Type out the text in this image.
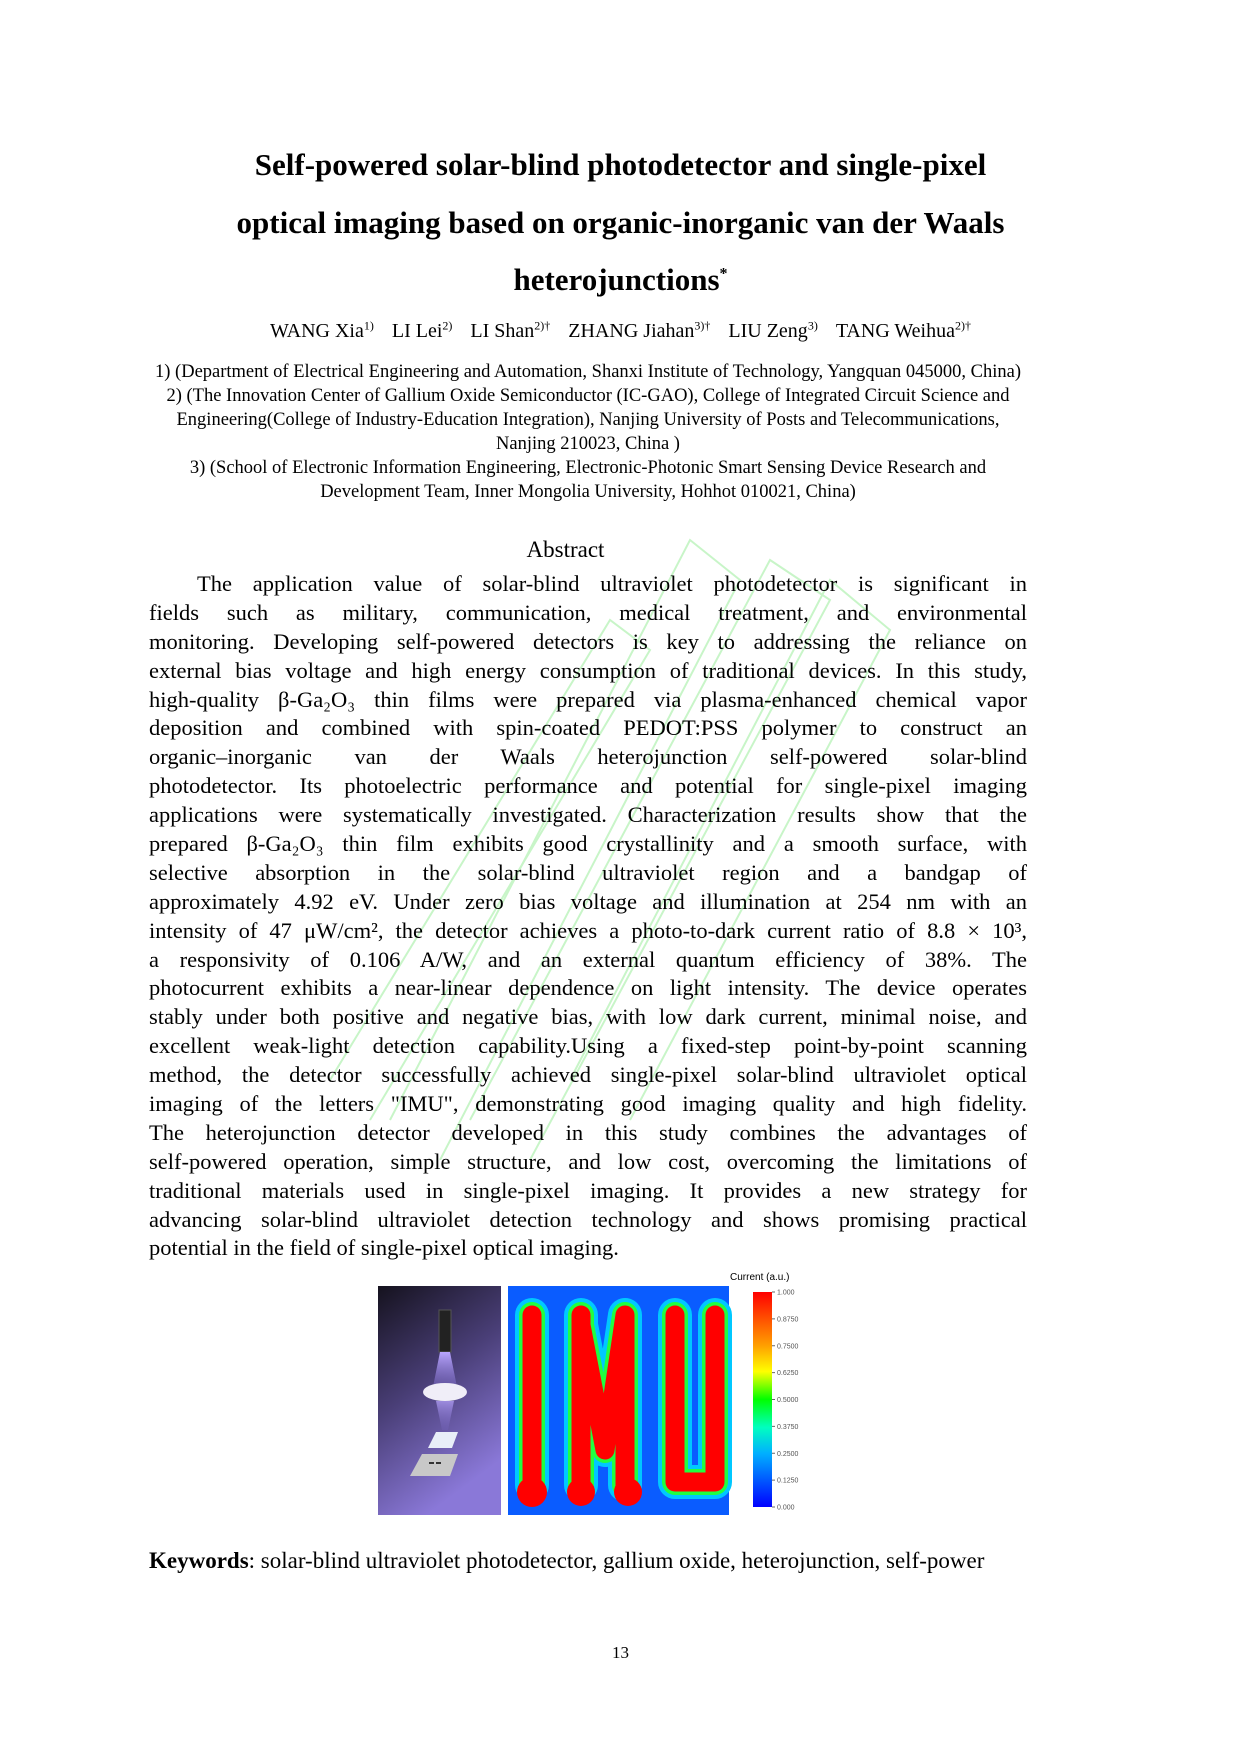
Self-powered solar-blind photodetector and single-pixel
optical imaging based on organic-inorganic van der Waals
heterojunctions*
WANG Xia$^{1)}$ LI Lei$^{2)}$ LI Shan$^{2)\dagger}$ ZHANG Jiahan$^{3)\dagger}$ LIU Zeng$^{3)}$ TANG Weihua$^{2)\dagger}$
1) (Department of Electrical Engineering and Automation, Shanxi Institute of Technology, Yangquan 045000, China)
2) (The Innovation Center of Gallium Oxide Semiconductor (IC-GAO), College of Integrated Circuit Science and Engineering(College of Industry-Education Integration), Nanjing University of Posts and Telecommunications, Nanjing 210023, China )
3) (School of Electronic Information Engineering, Electronic-Photonic Smart Sensing Device Research and Development Team, Inner Mongolia University, Hohhot 010021, China)
Abstract
The application value of solar-blind ultraviolet photodetector is significant in
fields such as military, communication, medical treatment, and environmental
monitoring. Developing self-powered detectors is key to addressing the reliance on
external bias voltage and high energy consumption of traditional devices. In this study,
high-quality β-Ga₂O₃ thin films were prepared via plasma-enhanced chemical vapor
deposition and combined with spin-coated PEDOT:PSS polymer to construct an
organic–inorganic van der Waals heterojunction self-powered solar-blind
photodetector. Its photoelectric performance and potential for single-pixel imaging
applications were systematically investigated. Characterization results show that the
prepared β-Ga₂O₃ thin film exhibits good crystallinity and a smooth surface, with
selective absorption in the solar-blind ultraviolet region and a bandgap of
approximately 4.92 eV. Under zero bias voltage and illumination at 254 nm with an
intensity of 47 μW/cm², the detector achieves a photo-to-dark current ratio of 8.8 × 10³,
a responsivity of 0.106 A/W, and an external quantum efficiency of 38%. The
photocurrent exhibits a near-linear dependence on light intensity. The device operates
stably under both positive and negative bias, with low dark current, minimal noise, and
excellent weak-light detection capability.Using a fixed-step point-by-point scanning
method, the detector successfully achieved single-pixel solar-blind ultraviolet optical
imaging of the letters "IMU", demonstrating good imaging quality and high fidelity.
The heterojunction detector developed in this study combines the advantages of
self-powered operation, simple structure, and low cost, overcoming the limitations of
traditional materials used in single-pixel imaging. It provides a new strategy for
advancing solar-blind ultraviolet detection technology and shows promising practical
potential in the field of single-pixel optical imaging.
Current (a.u.)
1.000
0.8750
0.7500
0.6250
0.5000
0.3750
0.2500
0.1250
0.000
Keywords: solar-blind ultraviolet photodetector, gallium oxide, heterojunction, self-power
13
